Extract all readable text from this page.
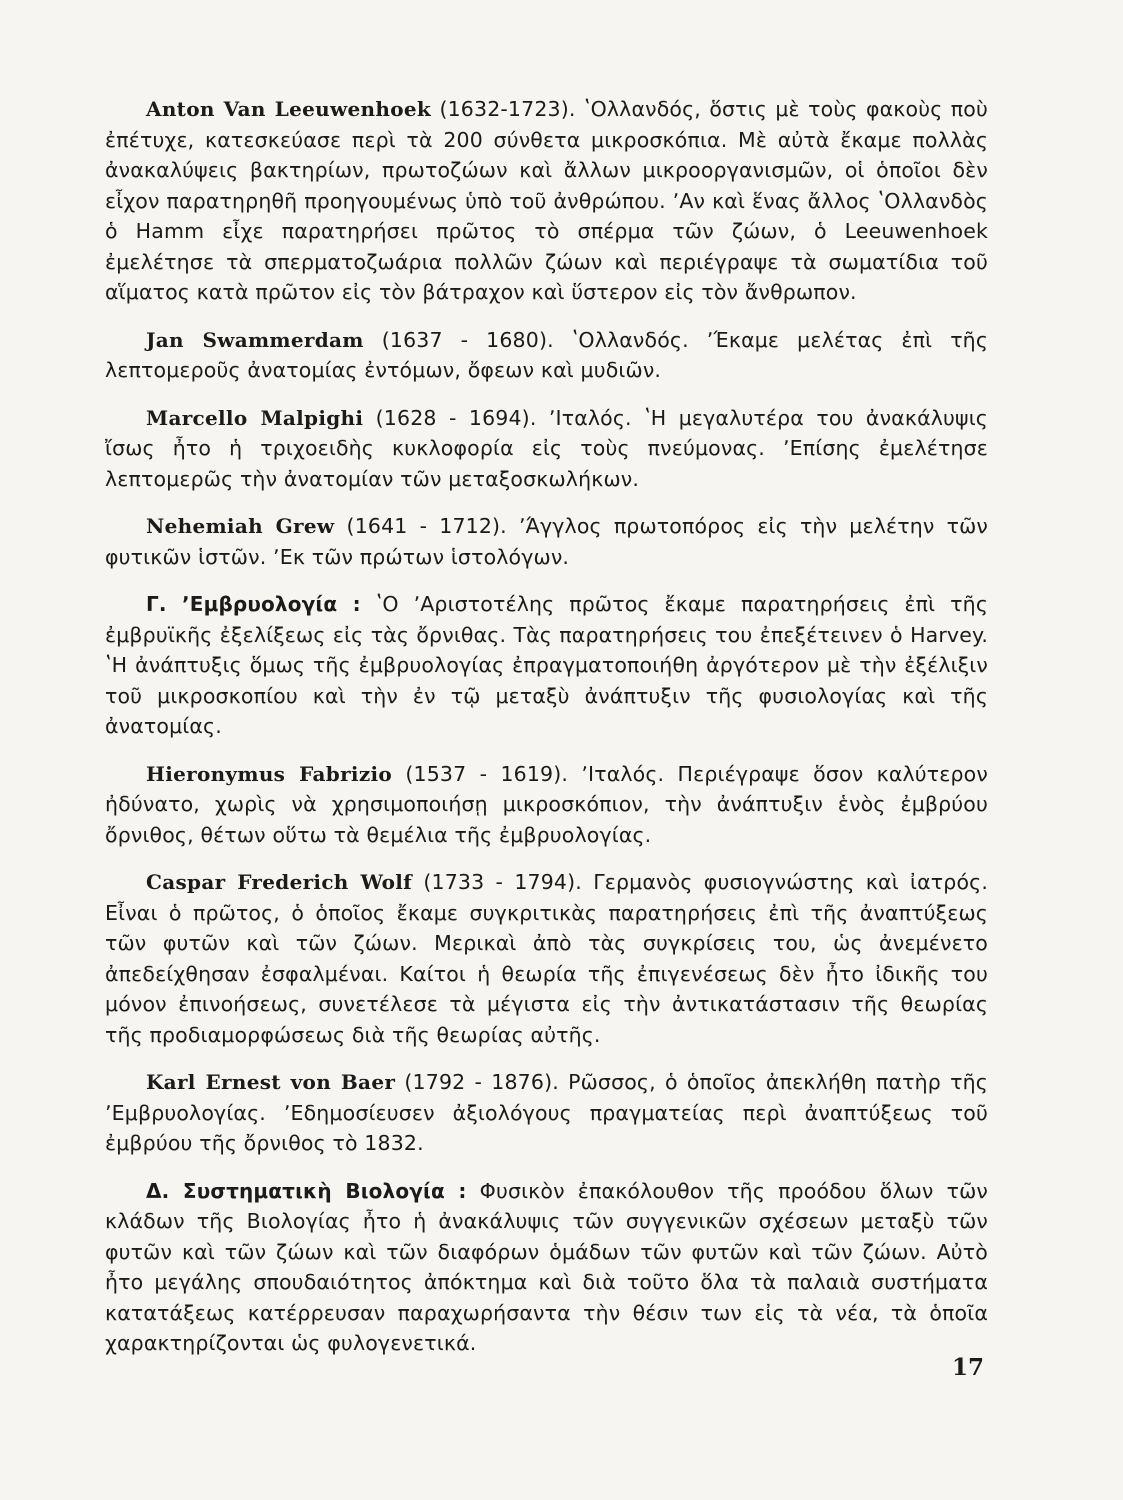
Anton Van Leeuwenhoek (1632-1723). ʽΟλλανδός, ὅστις μὲ τοὺς φακοὺς ποὺ ἐπέτυχε, κατεσκεύασε περὶ τὰ 200 σύνθετα μικροσκόπια. Μὲ αὐτὰ ἔκαμε πολλὰς ἀνακαλύψεις βακτηρίων, πρωτοζώων καὶ ἄλλων μικροοργανισμῶν, οἱ ὁποῖοι δὲν εἶχον παρατηρηθῆ προηγουμένως ὑπὸ τοῦ ἀνθρώπου. ʼΑν καὶ ἕνας ἄλλος ʽΟλλανδὸς ὁ Hamm εἶχε παρατηρήσει πρῶτος τὸ σπέρμα τῶν ζώων, ὁ Leeuwenhoek ἐμελέτησε τὰ σπερματοζωάρια πολλῶν ζώων καὶ περιέγραψε τὰ σωματίδια τοῦ αἵματος κατὰ πρῶτον εἰς τὸν βάτραχον καὶ ὕστερον εἰς τὸν ἄνθρωπον.

Jan Swammerdam (1637 - 1680). ʽΟλλανδός. ʼΈκαμε μελέτας ἐπὶ τῆς λεπτομεροῦς ἀνατομίας ἐντόμων, ὄφεων καὶ μυδιῶν.

Marcello Malpighi (1628 - 1694). ʼΙταλός. ʽΗ μεγαλυτέρα του ἀνακάλυψις ἴσως ἦτο ἡ τριχοειδὴς κυκλοφορία εἰς τοὺς πνεύμονας. ʼΕπίσης ἐμελέτησε λεπτομερῶς τὴν ἀνατομίαν τῶν μεταξοσκωλήκων.

Nehemiah Grew (1641 - 1712). ʼΆγγλος πρωτοπόρος εἰς τὴν μελέτην τῶν φυτικῶν ἱστῶν. ʼΕκ τῶν πρώτων ἱστολόγων.

Γ. ʼΕμβρυολογία : ʽΟ ʼΑριστοτέλης πρῶτος ἔκαμε παρατηρήσεις ἐπὶ τῆς ἐμβρυϊκῆς ἐξελίξεως εἰς τὰς ὄρνιθας. Τὰς παρατηρήσεις του ἐπεξέτεινεν ὁ Harvey. ʽΗ ἀνάπτυξις ὅμως τῆς ἐμβρυολογίας ἐπραγματοποιήθη ἀργότερον μὲ τὴν ἐξέλιξιν τοῦ μικροσκοπίου καὶ τὴν ἐν τῷ μεταξὺ ἀνάπτυξιν τῆς φυσιολογίας καὶ τῆς ἀνατομίας.

Hieronymus Fabrizio (1537 - 1619). ʼΙταλός. Περιέγραψε ὅσον καλύτερον ἠδύνατο, χωρὶς νὰ χρησιμοποιήσῃ μικροσκόπιον, τὴν ἀνάπτυξιν ἑνὸς ἐμβρύου ὄρνιθος, θέτων οὕτω τὰ θεμέλια τῆς ἐμβρυολογίας.

Caspar Frederich Wolf (1733 - 1794). Γερμανὸς φυσιογνώστης καὶ ἰατρός. Εἶναι ὁ πρῶτος, ὁ ὁποῖος ἔκαμε συγκριτικὰς παρατηρήσεις ἐπὶ τῆς ἀναπτύξεως τῶν φυτῶν καὶ τῶν ζώων. Μερικαὶ ἀπὸ τὰς συγκρίσεις του, ὡς ἀνεμένετο ἀπεδείχθησαν ἐσφαλμέναι. Καίτοι ἡ θεωρία τῆς ἐπιγενέσεως δὲν ἦτο ἰδικῆς του μόνον ἐπινοήσεως, συνετέλεσε τὰ μέγιστα εἰς τὴν ἀντικατάστασιν τῆς θεωρίας τῆς προδιαμορφώσεως διὰ τῆς θεωρίας αὐτῆς.

Karl Ernest von Baer (1792 - 1876). Ρῶσσος, ὁ ὁποῖος ἀπεκλήθη πατὴρ τῆς ʼΕμβρυολογίας. ʼΕδημοσίευσεν ἀξιολόγους πραγματείας περὶ ἀναπτύξεως τοῦ ἐμβρύου τῆς ὄρνιθος τὸ 1832.

Δ. Συστηματικὴ Βιολογία : Φυσικὸν ἐπακόλουθον τῆς προόδου ὅλων τῶν κλάδων τῆς Βιολογίας ἦτο ἡ ἀνακάλυψις τῶν συγγενικῶν σχέσεων μεταξὺ τῶν φυτῶν καὶ τῶν ζώων καὶ τῶν διαφόρων ὁμάδων τῶν φυτῶν καὶ τῶν ζώων. Αὐτὸ ἦτο μεγάλης σπουδαιότητος ἀπόκτημα καὶ διὰ τοῦτο ὅλα τὰ παλαιὰ συστήματα κατατάξεως κατέρρευσαν παραχωρήσαντα τὴν θέσιν των εἰς τὰ νέα, τὰ ὁποῖα χαρακτηρίζονται ὡς φυλογενετικά.

17
